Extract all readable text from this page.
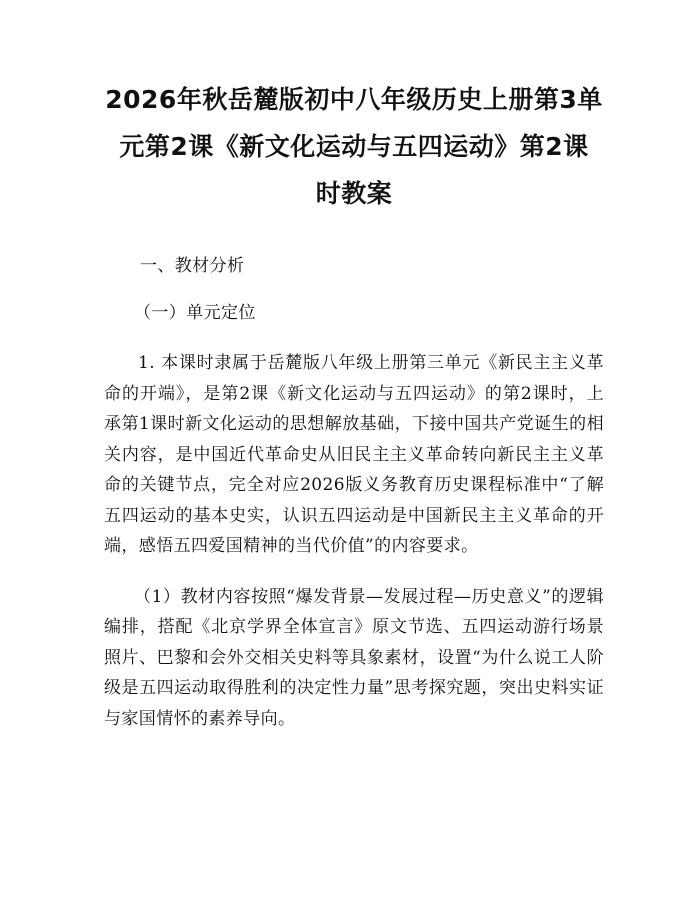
2026年秋岳麓版初中八年级历史上册第3单
元第2课《新文化运动与五四运动》第2课
时教案

一、教材分析

（一）单元定位

1. 本课时隶属于岳麓版八年级上册第三单元《新民主主义革命的开端》，是第2课《新文化运动与五四运动》的第2课时，上承第1课时新文化运动的思想解放基础，下接中国共产党诞生的相关内容，是中国近代革命史从旧民主主义革命转向新民主主义革命的关键节点，完全对应2026版义务教育历史课程标准中“了解五四运动的基本史实，认识五四运动是中国新民主主义革命的开端，感悟五四爱国精神的当代价值”的内容要求。

（1）教材内容按照“爆发背景—发展过程—历史意义”的逻辑编排，搭配《北京学界全体宣言》原文节选、五四运动游行场景照片、巴黎和会外交相关史料等具象素材，设置“为什么说工人阶级是五四运动取得胜利的决定性力量”思考探究题，突出史料实证与家国情怀的素养导向。
